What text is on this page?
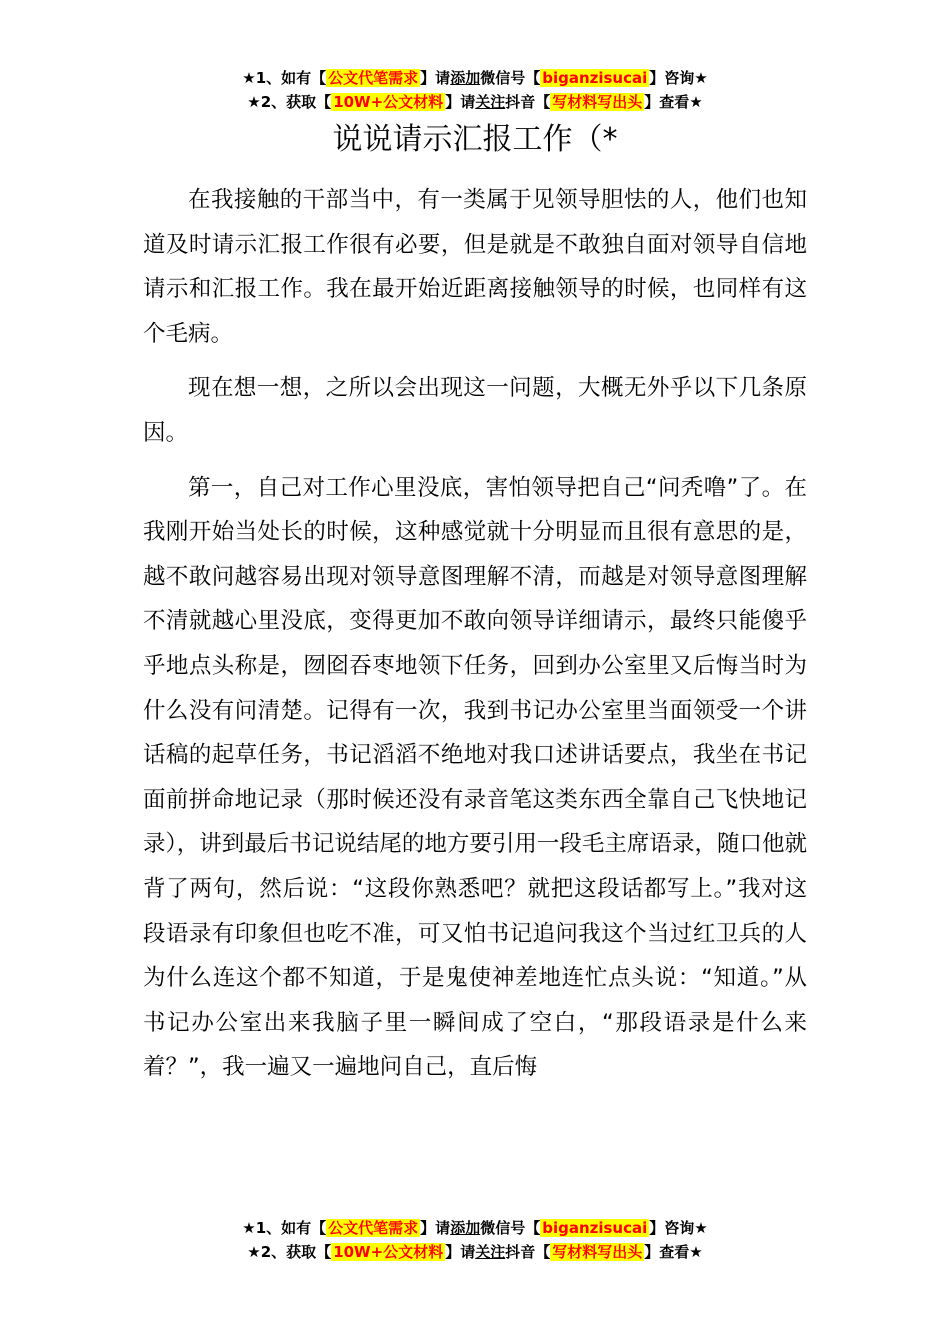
★1、如有【 公文代笔需求 】请添加微信号【 biganzisucai 】咨询★
★2、获取【 10W+公文材料 】请关注抖音【 写材料写出头 】查看★
说说请示汇报工作（*

在我接触的干部当中，有一类属于见领导胆怯的人，他们也知道及时请示汇报工作很有必要，但是就是不敢独自面对领导自信地请示和汇报工作。我在最开始近距离接触领导的时候，也同样有这个毛病。

现在想一想，之所以会出现这一问题，大概无外乎以下几条原因。

第一，自己对工作心里没底，害怕领导把自己“问秃噜”了。在我刚开始当处长的时候，这种感觉就十分明显而且很有意思的是，越不敢问越容易出现对领导意图理解不清，而越是对领导意图理解不清就越心里没底，变得更加不敢向领导详细请示，最终只能傻乎乎地点头称是，囫囵吞枣地领下任务，回到办公室里又后悔当时为什么没有问清楚。记得有一次，我到书记办公室里当面领受一个讲话稿的起草任务，书记滔滔不绝地对我口述讲话要点，我坐在书记面前拼命地记录（那时候还没有录音笔这类东西全靠自己飞快地记录），讲到最后书记说结尾的地方要引用一段毛主席语录，随口他就背了两句，然后说：“这段你熟悉吧？就把这段话都写上。”我对这段语录有印象但也吃不准，可又怕书记追问我这个当过红卫兵的人为什么连这个都不知道，于是鬼使神差地连忙点头说：“知道。”从书记办公室出来我脑子里一瞬间成了空白，“那段语录是什么来着？”，我一遍又一遍地问自己，直后悔

★1、如有【 公文代笔需求 】请添加微信号【 biganzisucai 】咨询★
★2、获取【 10W+公文材料 】请关注抖音【 写材料写出头 】查看★
